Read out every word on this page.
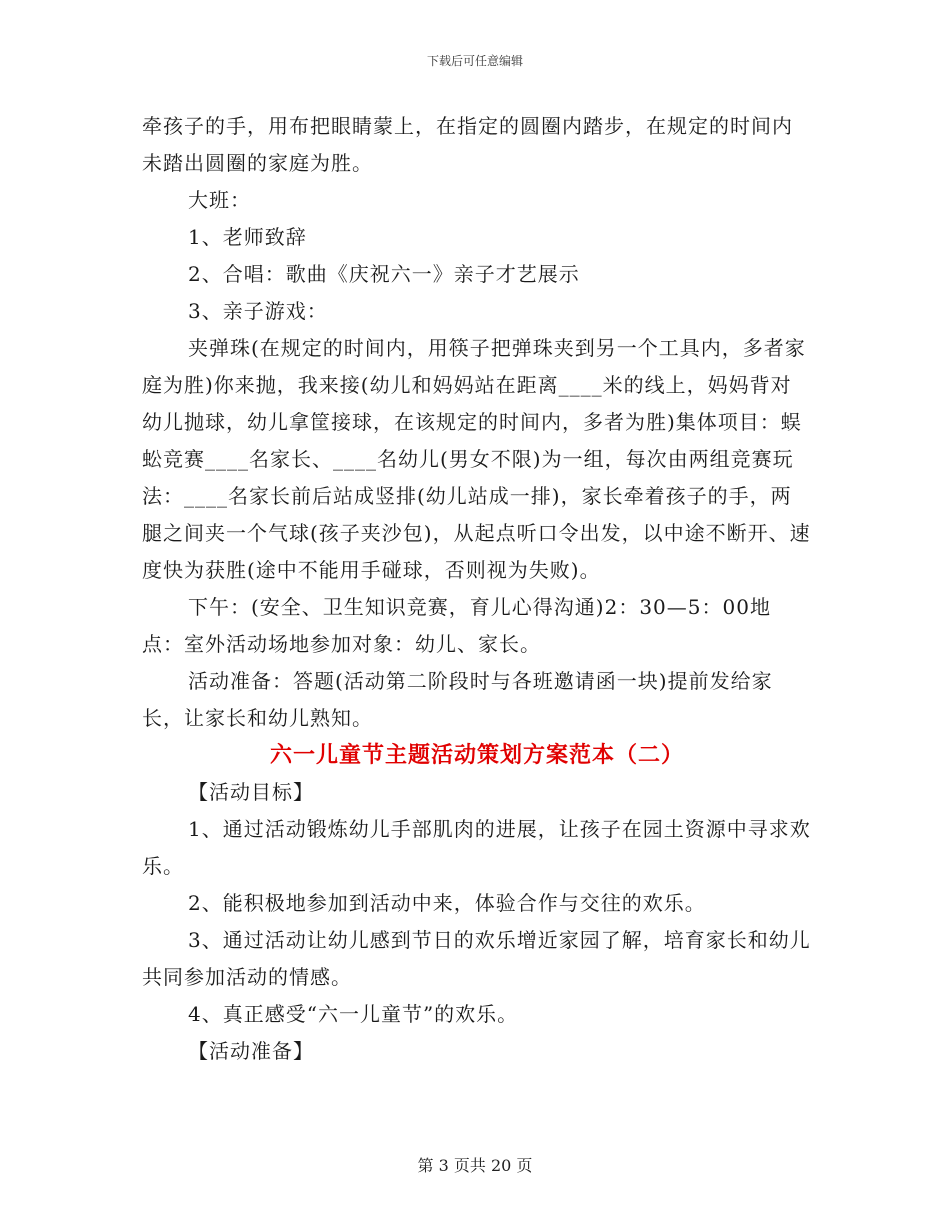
下载后可任意编辑

牵孩子的手，用布把眼睛蒙上，在指定的圆圈内踏步，在规定的时间内未踏出圆圈的家庭为胜。

大班：

1、老师致辞

2、合唱：歌曲《庆祝六一》亲子才艺展示

3、亲子游戏：

夹弹珠(在规定的时间内，用筷子把弹珠夹到另一个工具内，多者家庭为胜)你来抛，我来接(幼儿和妈妈站在距离____米的线上，妈妈背对幼儿抛球，幼儿拿筐接球，在该规定的时间内，多者为胜)集体项目：蜈蚣竞赛____名家长、____名幼儿(男女不限)为一组，每次由两组竞赛玩法：____名家长前后站成竖排(幼儿站成一排)，家长牵着孩子的手，两腿之间夹一个气球(孩子夹沙包)，从起点听口令出发，以中途不断开、速度快为获胜(途中不能用手碰球，否则视为失败)。

下午：(安全、卫生知识竞赛，育儿心得沟通)2：30—5：00地点：室外活动场地参加对象：幼儿、家长。

活动准备：答题(活动第二阶段时与各班邀请函一块)提前发给家长，让家长和幼儿熟知。

六一儿童节主题活动策划方案范本（二）

【活动目标】

1、通过活动锻炼幼儿手部肌肉的进展，让孩子在园土资源中寻求欢乐。

2、能积极地参加到活动中来，体验合作与交往的欢乐。

3、通过活动让幼儿感到节日的欢乐增近家园了解，培育家长和幼儿共同参加活动的情感。

4、真正感受“六一儿童节”的欢乐。

【活动准备】

第 3 页共 20 页
